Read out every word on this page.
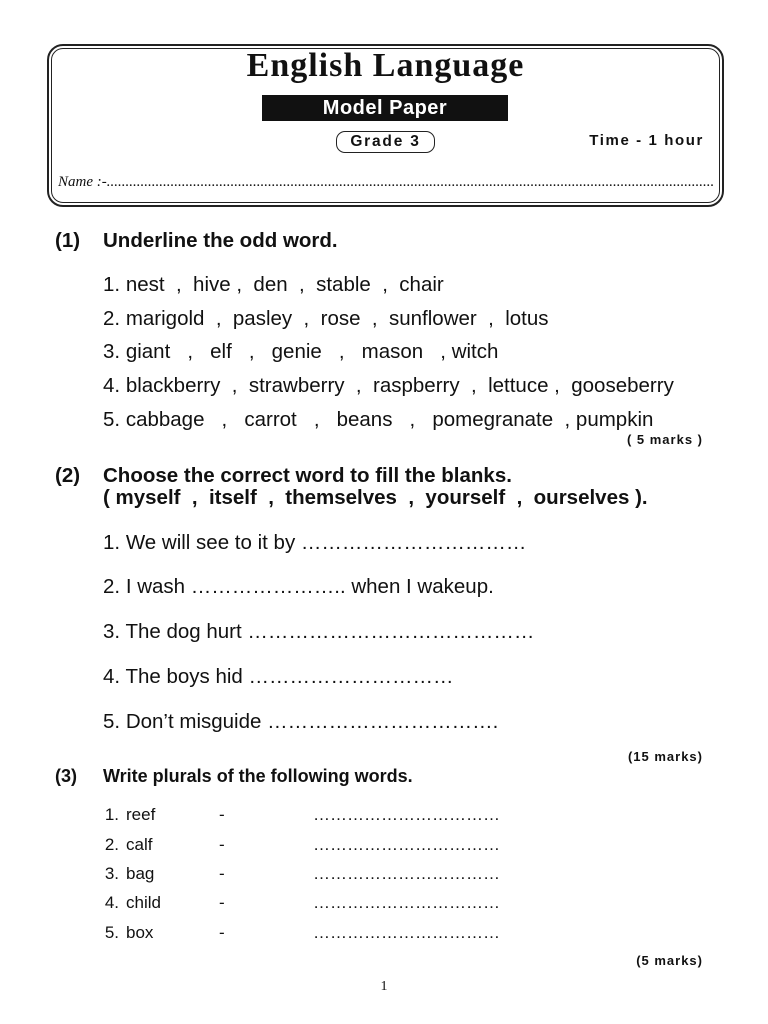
English Language
Model Paper
Grade 3	Time - 1 hour
Name :-..................................................................................................................................................................
(1) Underline the odd word.
1. nest  ,  hive ,  den  ,  stable  ,  chair
2. marigold  ,  pasley  ,  rose  ,  sunflower  ,  lotus
3. giant   ,   elf   ,   genie   ,   mason   , witch
4. blackberry  ,  strawberry  ,  raspberry  ,  lettuce ,  gooseberry
5. cabbage   ,   carrot   ,   beans   ,   pomegranate  , pumpkin
( 5 marks )
(2) Choose the correct word to fill the blanks.
( myself  ,  itself  ,  themselves  ,  yourself  ,  ourselves ).
1. We will see to it by ……………………………
2. I wash ………………….. when I wakeup.
3. The dog hurt ……………………………………
4. The boys hid …………………………
5. Don’t misguide …………………………….
(15 marks)
(3) Write plurals of the following words.
1. reef	-	……………………………
2. calf	-	……………………………
3. bag	-	……………………………
4. child	-	……………………………
5. box	-	……………………………
(5 marks)
1
